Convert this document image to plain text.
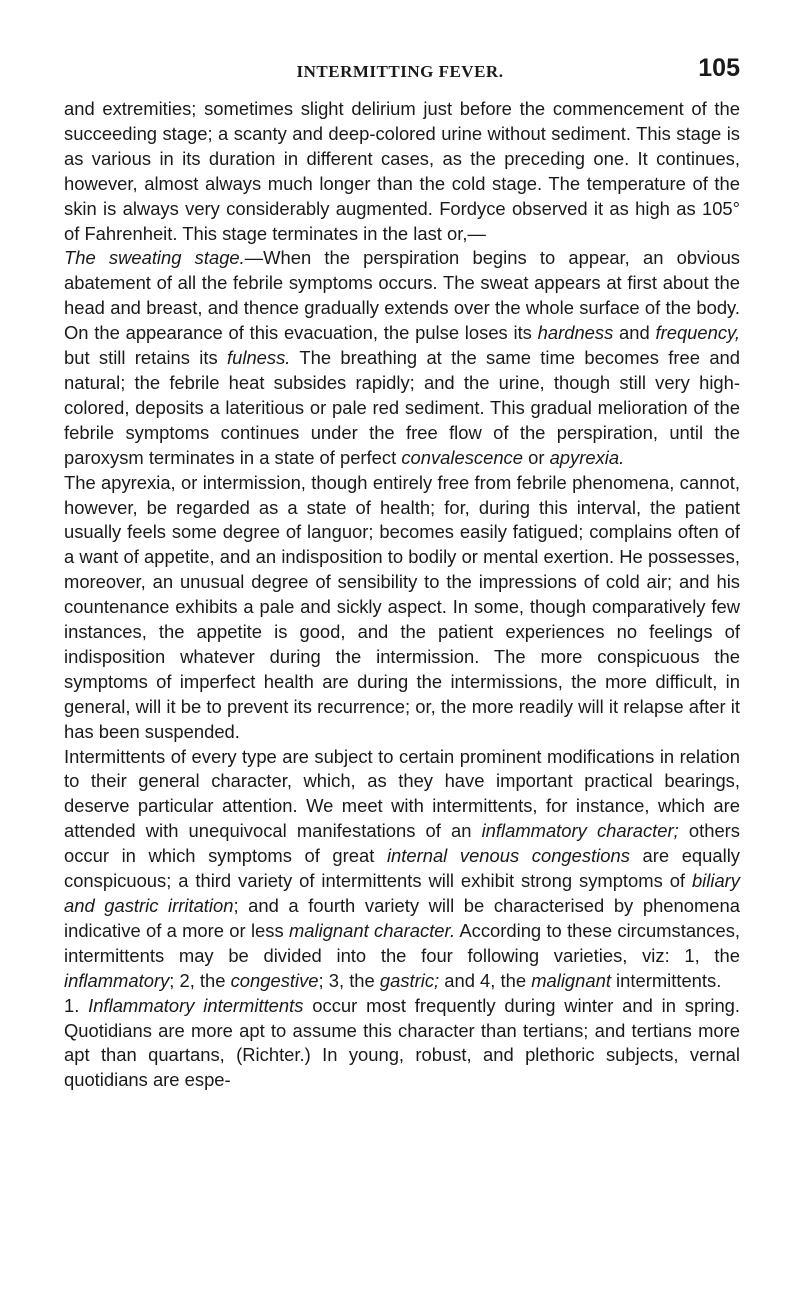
INTERMITTING FEVER.	105

and extremities; sometimes slight delirium just before the commencement of the succeeding stage; a scanty and deep-colored urine without sediment. This stage is as various in its duration in different cases, as the preceding one. It continues, however, almost always much longer than the cold stage. The temperature of the skin is always very considerably augmented. Fordyce observed it as high as 105° of Fahrenheit. This stage terminates in the last or,—

The sweating stage.—When the perspiration begins to appear, an obvious abatement of all the febrile symptoms occurs. The sweat appears at first about the head and breast, and thence gradually extends over the whole surface of the body. On the appearance of this evacuation, the pulse loses its hardness and frequency, but still retains its fulness. The breathing at the same time becomes free and natural; the febrile heat subsides rapidly; and the urine, though still very high-colored, deposits a lateritious or pale red sediment. This gradual melioration of the febrile symptoms continues under the free flow of the perspiration, until the paroxysm terminates in a state of perfect convalescence or apyrexia.

The apyrexia, or intermission, though entirely free from febrile phenomena, cannot, however, be regarded as a state of health; for, during this interval, the patient usually feels some degree of languor; becomes easily fatigued; complains often of a want of appetite, and an indisposition to bodily or mental exertion. He possesses, moreover, an unusual degree of sensibility to the impressions of cold air; and his countenance exhibits a pale and sickly aspect. In some, though comparatively few instances, the appetite is good, and the patient experiences no feelings of indisposition whatever during the intermission. The more conspicuous the symptoms of imperfect health are during the intermissions, the more difficult, in general, will it be to prevent its recurrence; or, the more readily will it relapse after it has been suspended.

Intermittents of every type are subject to certain prominent modifications in relation to their general character, which, as they have important practical bearings, deserve particular attention. We meet with intermittents, for instance, which are attended with unequivocal manifestations of an inflammatory character; others occur in which symptoms of great internal venous congestions are equally conspicuous; a third variety of intermittents will exhibit strong symptoms of biliary and gastric irritation; and a fourth variety will be characterised by phenomena indicative of a more or less malignant character. According to these circumstances, intermittents may be divided into the four following varieties, viz: 1, the inflammatory; 2, the congestive; 3, the gastric; and 4, the malignant intermittents.

1. Inflammatory intermittents occur most frequently during winter and in spring. Quotidians are more apt to assume this character than tertians; and tertians more apt than quartans, (Richter.) In young, robust, and plethoric subjects, vernal quotidians are espe-
